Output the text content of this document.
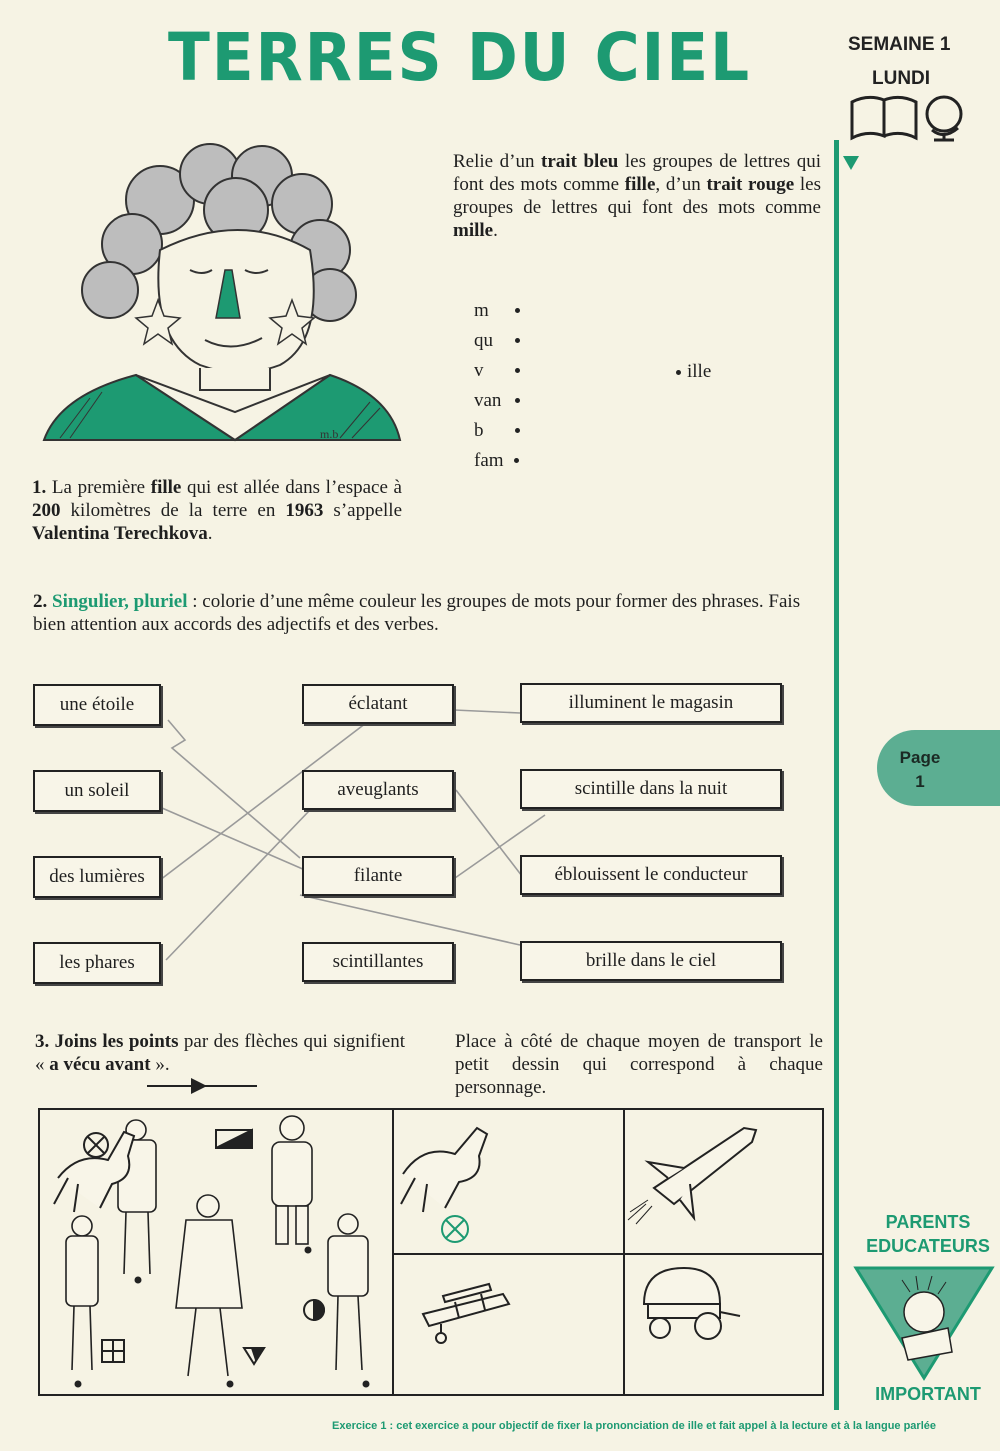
TERRES DU CIEL	SEMAINE 1
LUNDI
m.b
Relie d’un trait bleu les groupes de lettres qui font des mots comme fille, d’un trait rouge les groupes de lettres qui font des mots comme mille.
m
qu
v
van
b
fam
ille
1. La première fille qui est allée dans l’espace à 200 kilomètres de la terre en 1963 s’appelle Valentina Terechkova.
2. Singulier, pluriel : colorie d’une même couleur les groupes de mots pour former des phrases. Fais bien attention aux accords des adjectifs et des verbes.
une étoile
un soleil
des lumières
les phares
éclatant
aveuglants
filante
scintillantes
illuminent le magasin
scintille dans la nuit
éblouissent le conducteur
brille dans le ciel
3. Joins les points par des flèches qui signifient « a vécu avant ».
Place à côté de chaque moyen de transport le petit dessin qui correspond à chaque personnage.
Page
1
PARENTS
EDUCATEURS
IMPORTANT
Exercice 1 : cet exercice a pour objectif de fixer la prononciation de ille et fait appel à la lecture et à la langue parlée
